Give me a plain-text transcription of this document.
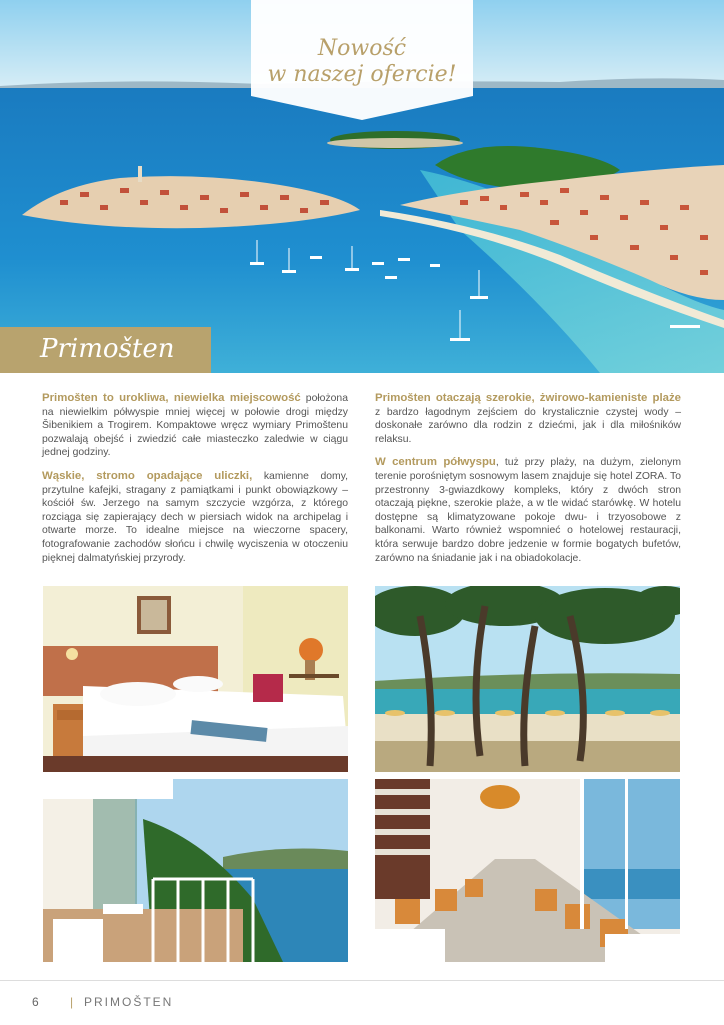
Nowość
w naszej ofercie!
Primošten

Primošten to urokliwa, niewielka miejscowość położona na niewielkim półwyspie mniej więcej w połowie drogi między Šibenikiem a Trogirem. Kompaktowe wręcz wymiary Primoštenu pozwalają obejść i zwiedzić całe miasteczko zaledwie w ciągu jednej godziny.

Wąskie, stromo opadające uliczki, kamienne domy, przytulne kafejki, stragany z pamiątkami i punkt obowiązkowy – kościół św. Jerzego na samym szczycie wzgórza, z którego rozciąga się zapierający dech w piersiach widok na archipelag i otwarte morze. To idealne miejsce na wieczorne spacery, fotografowanie zachodów słońcu i chwilę wyciszenia w otoczeniu pięknej dalmatyńskiej przyrody.

Primošten otaczają szerokie, żwirowo-kamieniste plaże z bardzo łagodnym zejściem do krystalicznie czystej wody – doskonałe zarówno dla rodzin z dziećmi, jak i dla miłośników relaksu.

W centrum półwyspu, tuż przy plaży, na dużym, zielonym terenie porośniętym sosnowym lasem znajduje się hotel ZORA. To przestronny 3-gwiazdkowy kompleks, który z dwóch stron otaczają piękne, szerokie plaże, a w tle widać starówkę. W hotelu dostępne są klimatyzowane pokoje dwu- i trzyosobowe z balkonami. Warto również wspomnieć o hotelowej restauracji, która serwuje bardzo dobre jedzenie w formie bogatych bufetów, zarówno na śniadanie jak i na obiadokolacje.

6	| PRIMOŠTEN
